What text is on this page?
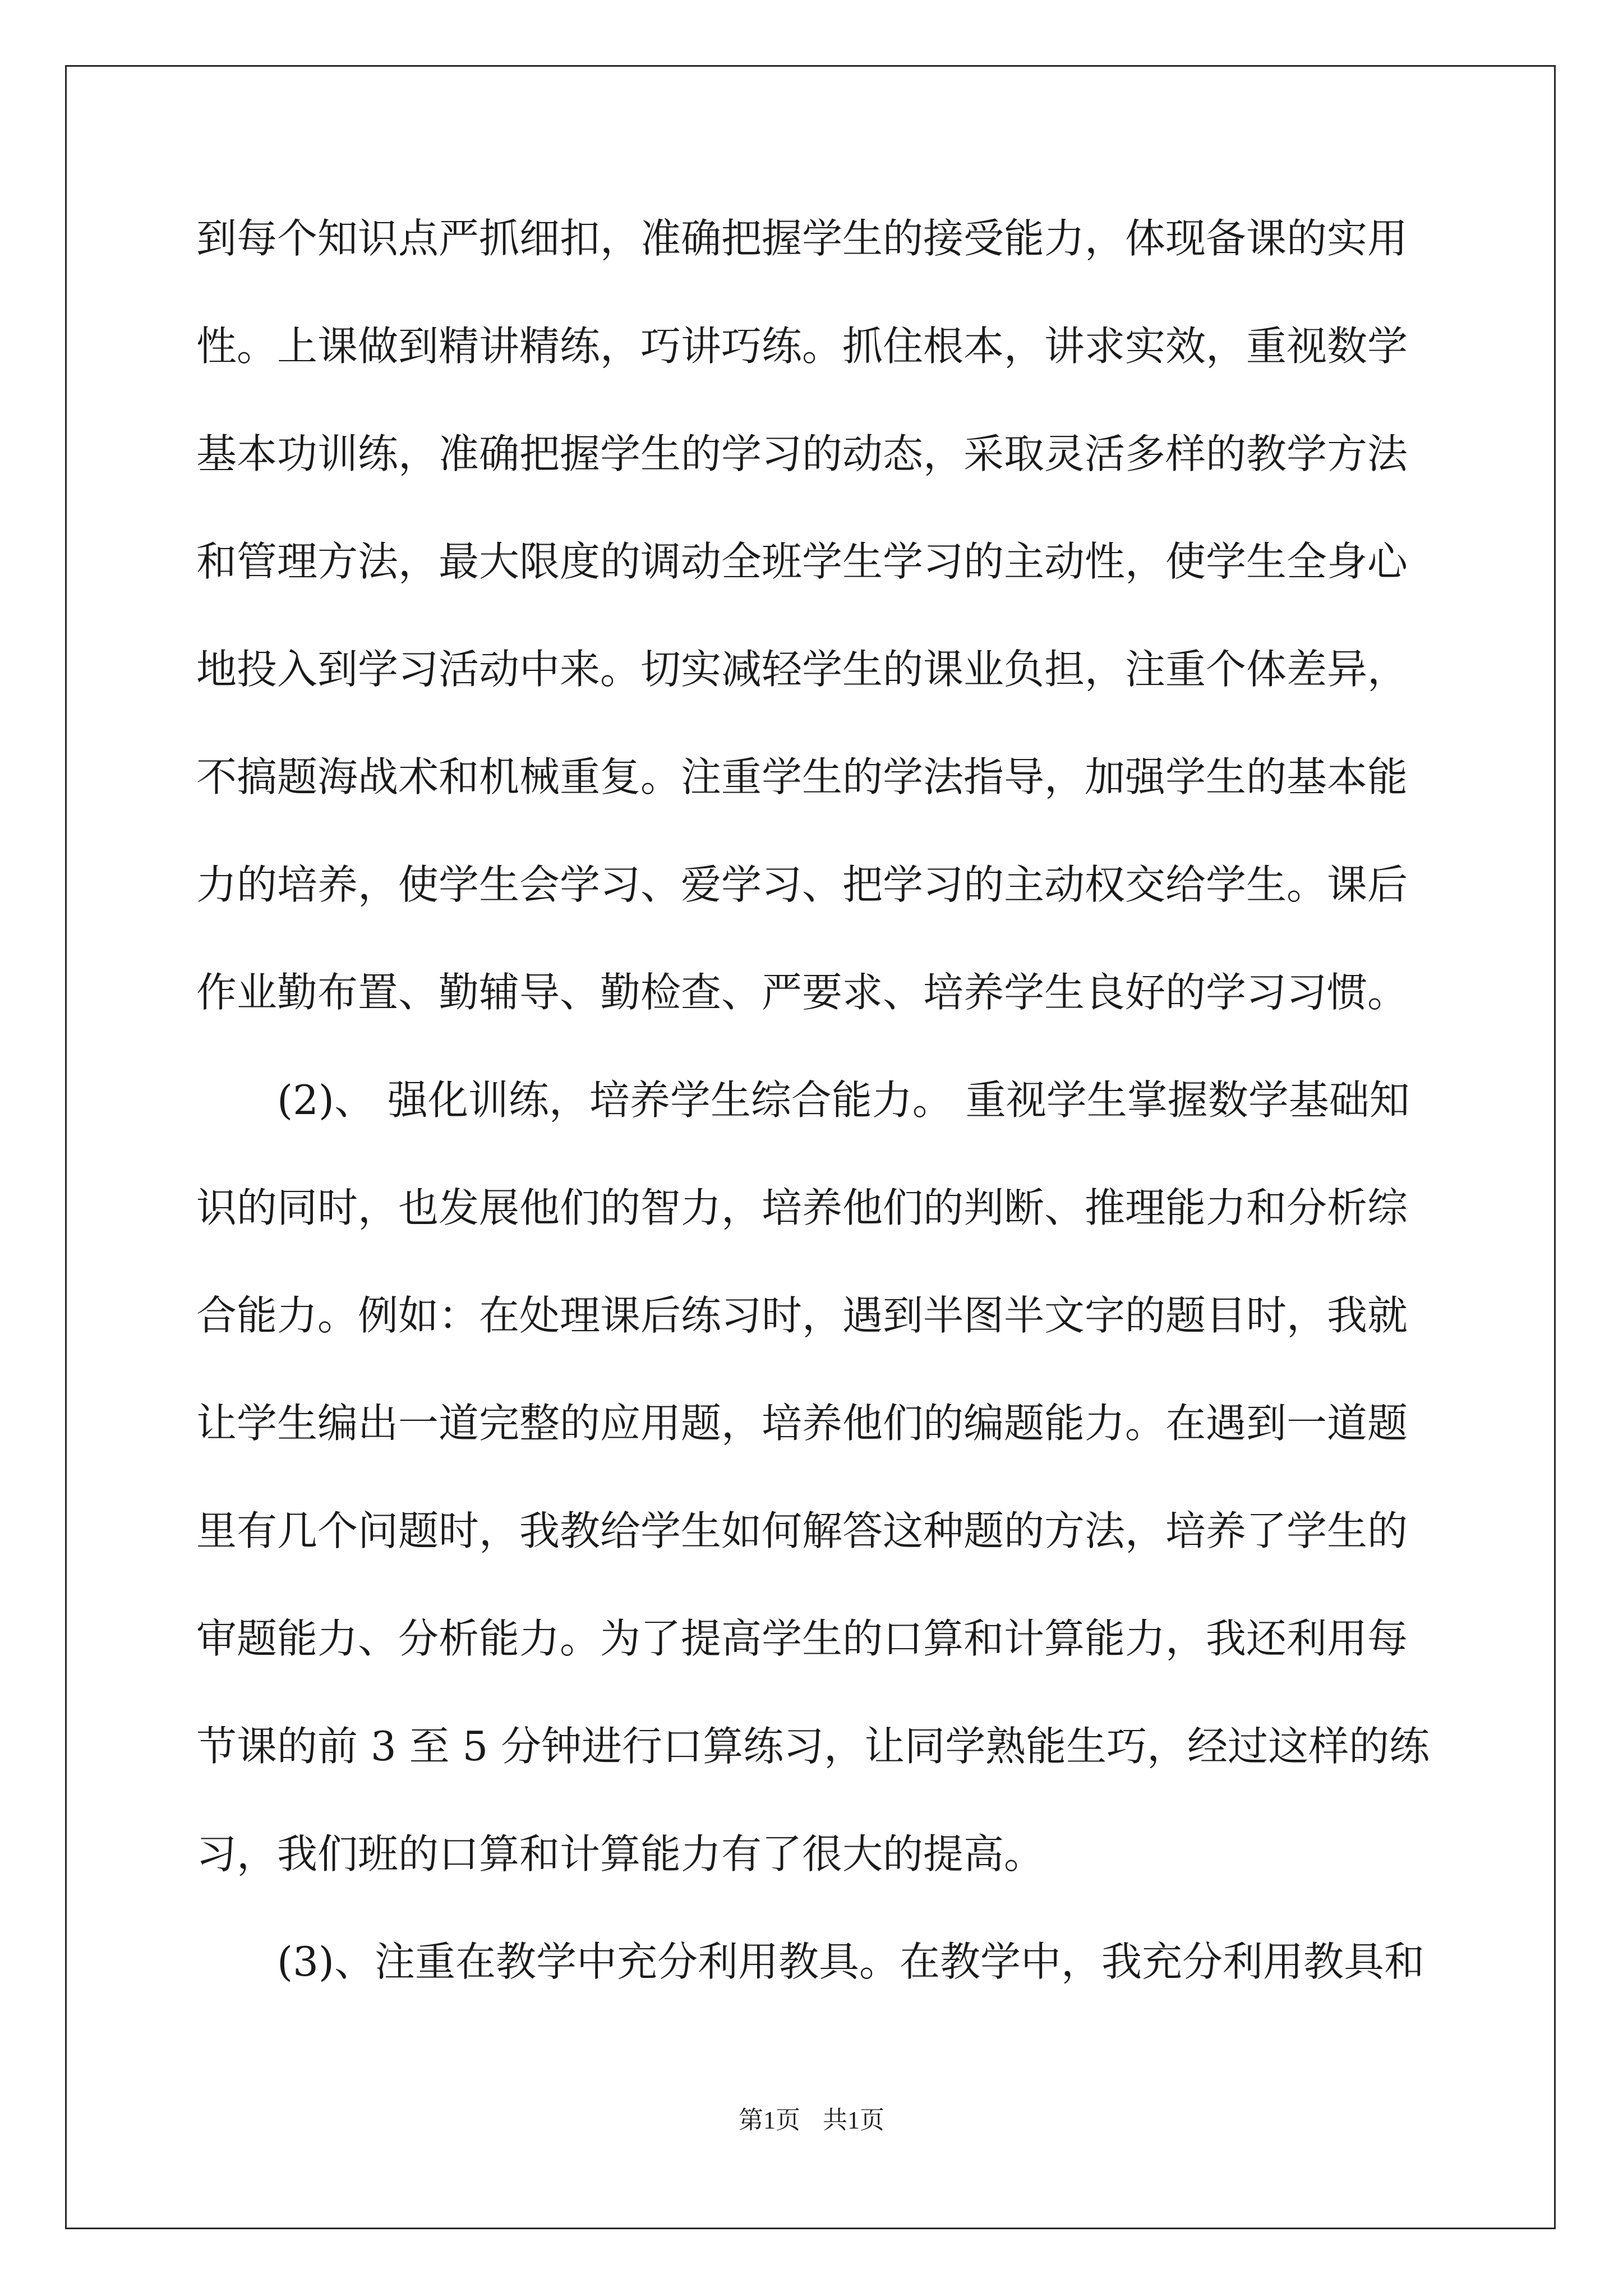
到每个知识点严抓细扣，准确把握学生的接受能力，体现备课的实用
性。上课做到精讲精练，巧讲巧练。抓住根本，讲求实效，重视数学
基本功训练，准确把握学生的学习的动态，采取灵活多样的教学方法
和管理方法，最大限度的调动全班学生学习的主动性，使学生全身心
地投入到学习活动中来。切实减轻学生的课业负担，注重个体差异，
不搞题海战术和机械重复。注重学生的学法指导，加强学生的基本能
力的培养，使学生会学习、爱学习、把学习的主动权交给学生。课后
作业勤布置、勤辅导、勤检查、严要求、培养学生良好的学习习惯。
(2)、 强化训练，培养学生综合能力。 重视学生掌握数学基础知
识的同时，也发展他们的智力，培养他们的判断、推理能力和分析综
合能力。例如：在处理课后练习时，遇到半图半文字的题目时，我就
让学生编出一道完整的应用题，培养他们的编题能力。在遇到一道题
里有几个问题时，我教给学生如何解答这种题的方法，培养了学生的
审题能力、分析能力。为了提高学生的口算和计算能力，我还利用每
节课的前 3 至 5 分钟进行口算练习，让同学熟能生巧，经过这样的练
习，我们班的口算和计算能力有了很大的提高。
(3)、注重在教学中充分利用教具。在教学中，我充分利用教具和
第1页 共1页
